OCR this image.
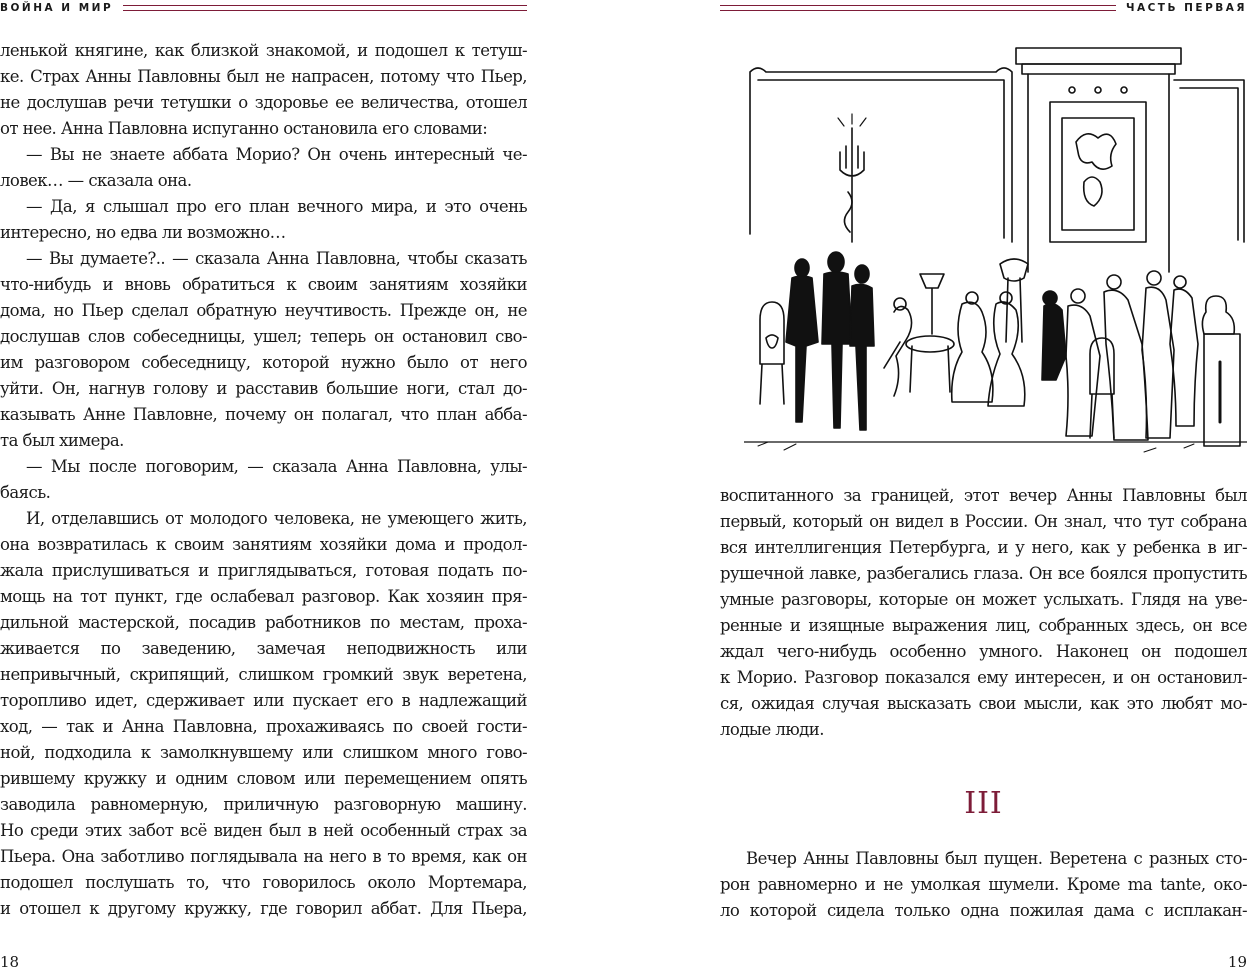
ВОЙНА И МИР

ленькой княгине, как близкой знакомой, и подошел к тетуш-

ке. Страх Анны Павловны был не напрасен, потому что Пьер,

не дослушав речи тетушки о здоровье ее величества, отошел

от нее. Анна Павловна испуганно остановила его словами:

— Вы не знаете аббата Морио? Он очень интересный че-

ловек… — сказала она.

— Да, я слышал про его план вечного мира, и это очень

интересно, но едва ли возможно…

— Вы думаете?.. — сказала Анна Павловна, чтобы сказать

что-нибудь и вновь обратиться к своим занятиям хозяйки

дома, но Пьер сделал обратную неучтивость. Прежде он, не

дослушав слов собеседницы, ушел; теперь он остановил сво-

им разговором собеседницу, которой нужно было от него

уйти. Он, нагнув голову и расставив большие ноги, стал до-

казывать Анне Павловне, почему он полагал, что план абба-

та был химера.

— Мы после поговорим, — сказала Анна Павловна, улы-

баясь.

И, отделавшись от молодого человека, не умеющего жить,

она возвратилась к своим занятиям хозяйки дома и продол-

жала прислушиваться и приглядываться, готовая подать по-

мощь на тот пункт, где ослабевал разговор. Как хозяин пря-

дильной мастерской, посадив работников по местам, проха-

живается по заведению, замечая неподвижность или

непривычный, скрипящий, слишком громкий звук веретена,

торопливо идет, сдерживает или пускает его в надлежащий

ход, — так и Анна Павловна, прохаживаясь по своей гости-

ной, подходила к замолкнувшему или слишком много гово-

рившему кружку и одним словом или перемещением опять

заводила равномерную, приличную разговорную машину.

Но среди этих забот всё виден был в ней особенный страх за

Пьера. Она заботливо поглядывала на него в то время, как он

подошел послушать то, что говорилось около Мортемара,

и отошел к другому кружку, где говорил аббат. Для Пьера,

18
ЧАСТЬ ПЕРВАЯ

воспитанного за границей, этот вечер Анны Павловны был

первый, который он видел в России. Он знал, что тут собрана

вся интеллигенция Петербурга, и у него, как у ребенка в иг-

рушечной лавке, разбегались глаза. Он все боялся пропустить

умные разговоры, которые он может услыхать. Глядя на уве-

ренные и изящные выражения лиц, собранных здесь, он все

ждал чего-нибудь особенно умного. Наконец он подошел

к Морио. Разговор показался ему интересен, и он остановил-

ся, ожидая случая высказать свои мысли, как это любят мо-

лодые люди.

III

Вечер Анны Павловны был пущен. Веретена с разных сто-

рон равномерно и не умолкая шумели. Кроме ma tante, око-

ло которой сидела только одна пожилая дама с исплакан-

19
